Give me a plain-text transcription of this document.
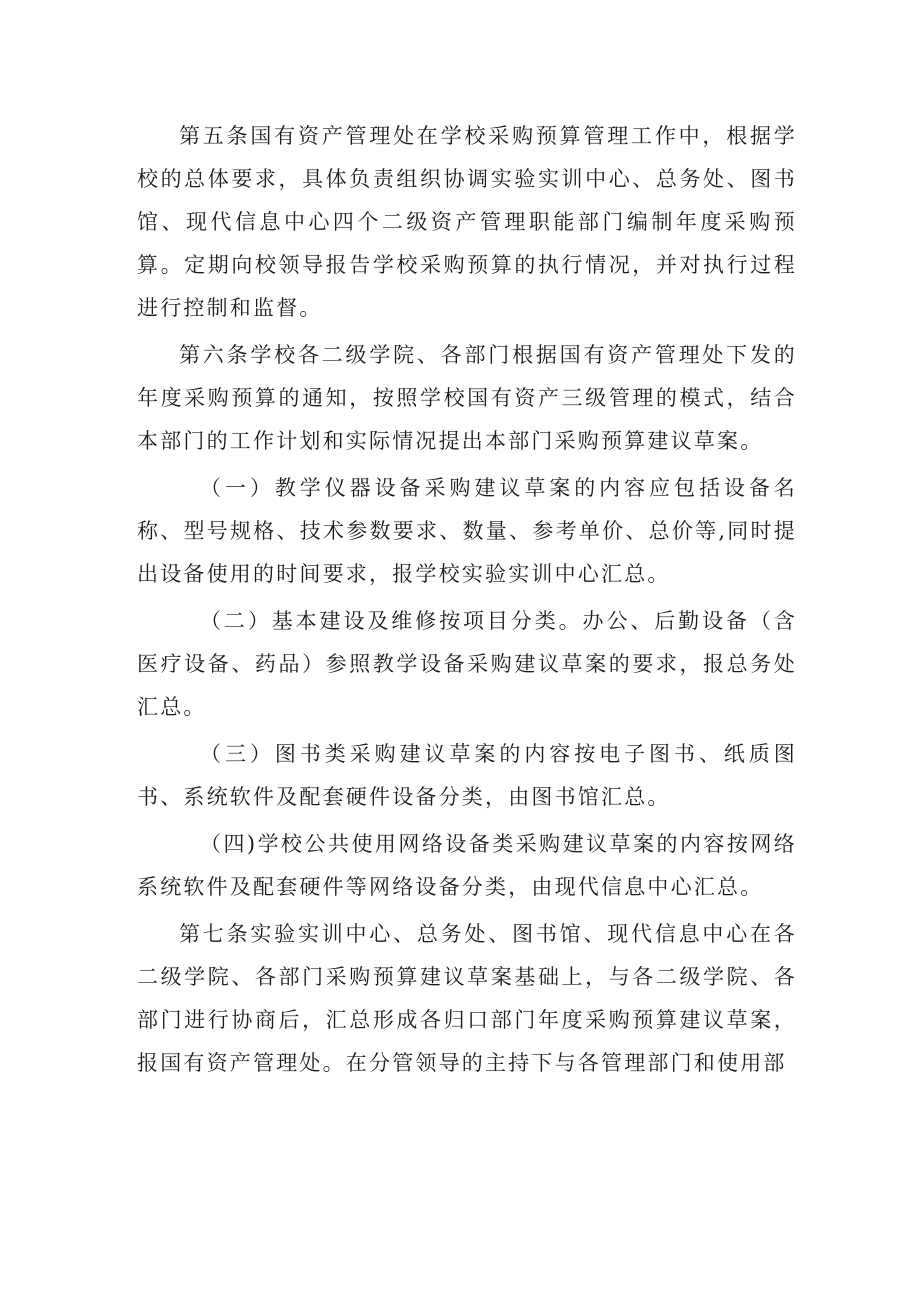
第五条国有资产管理处在学校采购预算管理工作中，根据学校的总体要求，具体负责组织协调实验实训中心、总务处、图书馆、现代信息中心四个二级资产管理职能部门编制年度采购预算。定期向校领导报告学校采购预算的执行情况，并对执行过程进行控制和监督。

第六条学校各二级学院、各部门根据国有资产管理处下发的年度采购预算的通知，按照学校国有资产三级管理的模式，结合本部门的工作计划和实际情况提出本部门采购预算建议草案。

（一）教学仪器设备采购建议草案的内容应包括设备名称、型号规格、技术参数要求、数量、参考单价、总价等,同时提出设备使用的时间要求，报学校实验实训中心汇总。

（二）基本建设及维修按项目分类。办公、后勤设备（含医疗设备、药品）参照教学设备采购建议草案的要求，报总务处汇总。

（三）图书类采购建议草案的内容按电子图书、纸质图书、系统软件及配套硬件设备分类，由图书馆汇总。

（四)学校公共使用网络设备类采购建议草案的内容按网络系统软件及配套硬件等网络设备分类，由现代信息中心汇总。

第七条实验实训中心、总务处、图书馆、现代信息中心在各二级学院、各部门采购预算建议草案基础上，与各二级学院、各部门进行协商后，汇总形成各归口部门年度采购预算建议草案，报国有资产管理处。在分管领导的主持下与各管理部门和使用部
